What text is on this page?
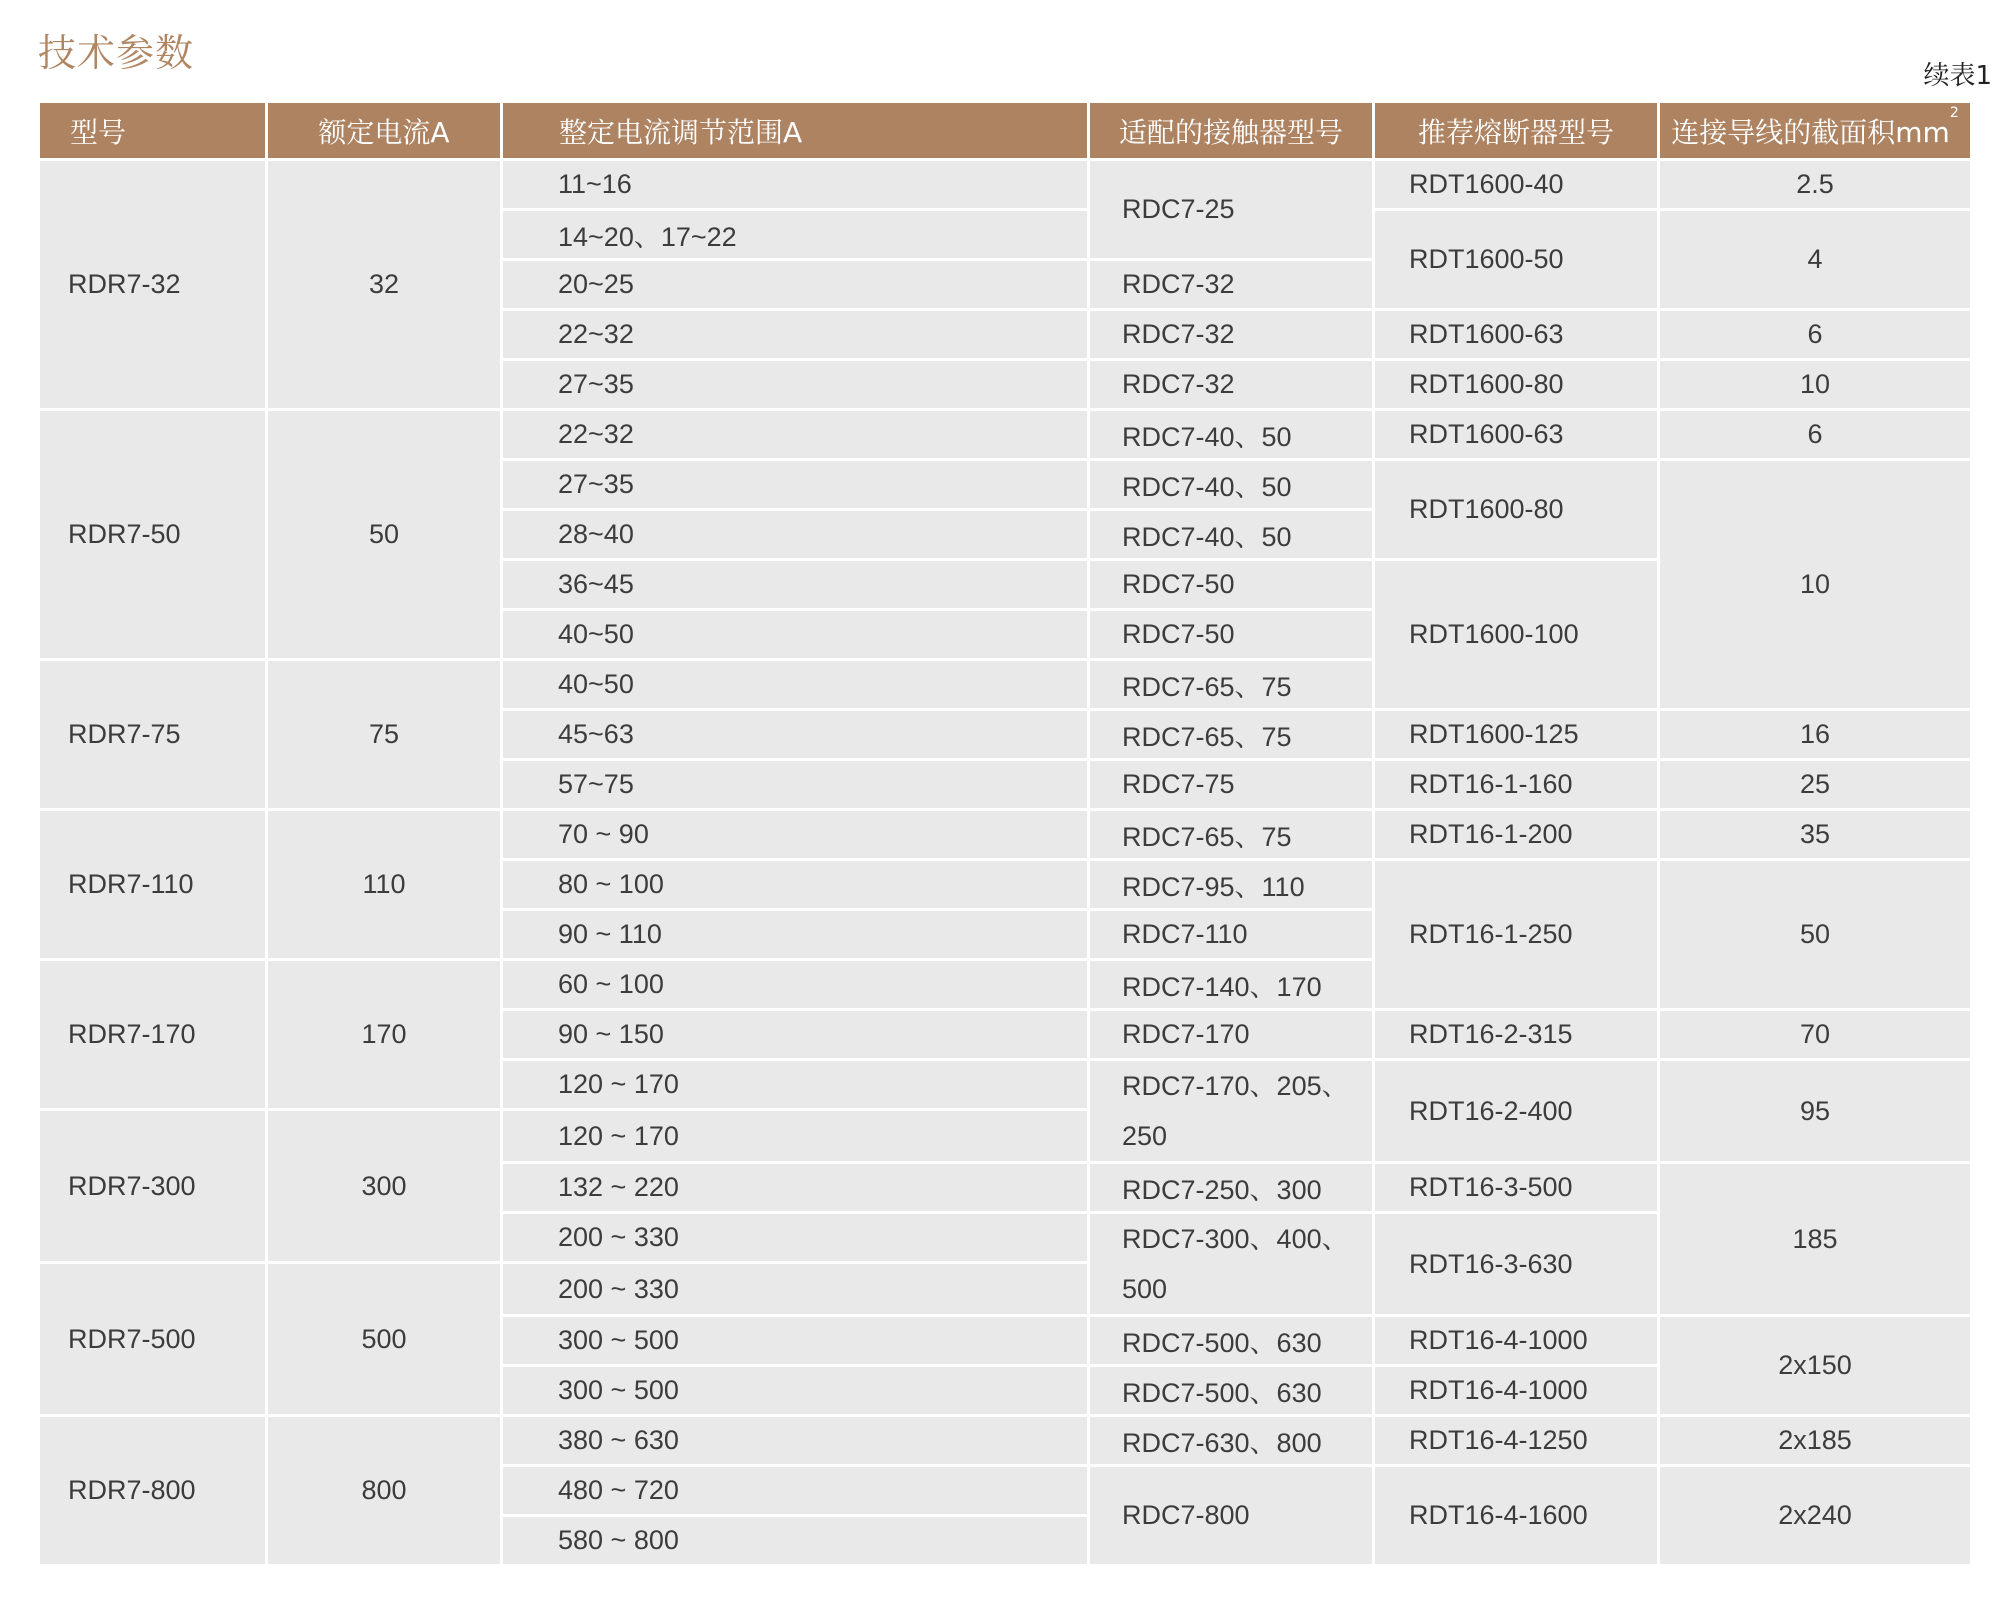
技术参数
续表1
型号	额定电流A	整定电流调节范围A	适配的接触器型号	推荐熔断器型号	连接导线的截面积$mm^2$
RDR7-32	32	11~16	RDC7-25	RDT1600-40	2.5
		14~20、17~22		RDT1600-50	4
		20~25	RDC7-32		
		22~32	RDC7-32	RDT1600-63	6
		27~35	RDC7-32	RDT1600-80	10
RDR7-50	50	22~32	RDC7-40、50	RDT1600-63	6
		27~35	RDC7-40、50	RDT1600-80	10
		28~40	RDC7-40、50		
		36~45	RDC7-50	RDT1600-100	
		40~50	RDC7-50		
RDR7-75	75	40~50	RDC7-65、75		
		45~63	RDC7-65、75	RDT1600-125	16
		57~75	RDC7-75	RDT16-1-160	25
RDR7-110	110	70 ~ 90	RDC7-65、75	RDT16-1-200	35
		80 ~ 100	RDC7-95、110	RDT16-1-250	50
		90 ~ 110	RDC7-110		
RDR7-170	170	60 ~ 100	RDC7-140、170		
		90 ~ 150	RDC7-170	RDT16-2-315	70
		120 ~ 170	RDC7-170、205、250	RDT16-2-400	95
RDR7-300	300	120 ~ 170			
		132 ~ 220	RDC7-250、300	RDT16-3-500	185
		200 ~ 330	RDC7-300、400、500	RDT16-3-630	
RDR7-500	500	200 ~ 330			
		300 ~ 500	RDC7-500、630	RDT16-4-1000	2x150
		300 ~ 500	RDC7-500、630	RDT16-4-1000	
RDR7-800	800	380 ~ 630	RDC7-630、800	RDT16-4-1250	2x185
		480 ~ 720	RDC7-800	RDT16-4-1600	2x240
		580 ~ 800			
